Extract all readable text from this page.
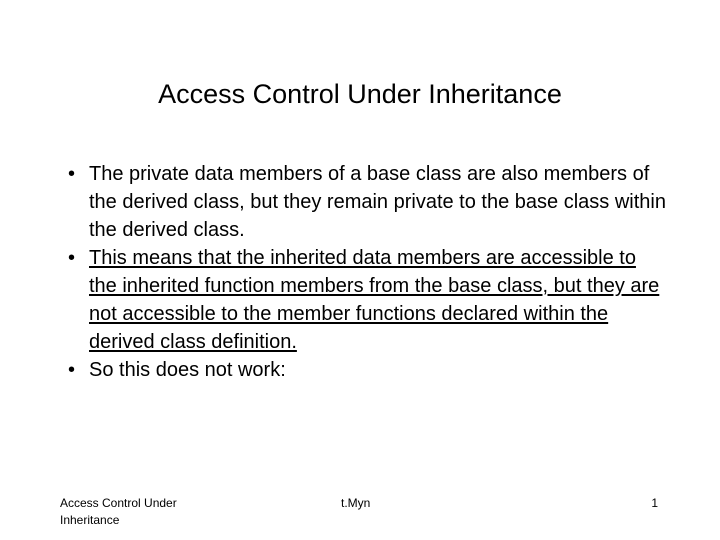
Access Control Under Inheritance
• The private data members of a base class are also members of the derived class, but they remain private to the base class within the derived class.
• This means that the inherited data members are accessible to the inherited function members from the base class, but they are not accessible to the member functions declared within the derived class definition.
• So this does not work:
Access Control Under Inheritance
t.Myn	1
